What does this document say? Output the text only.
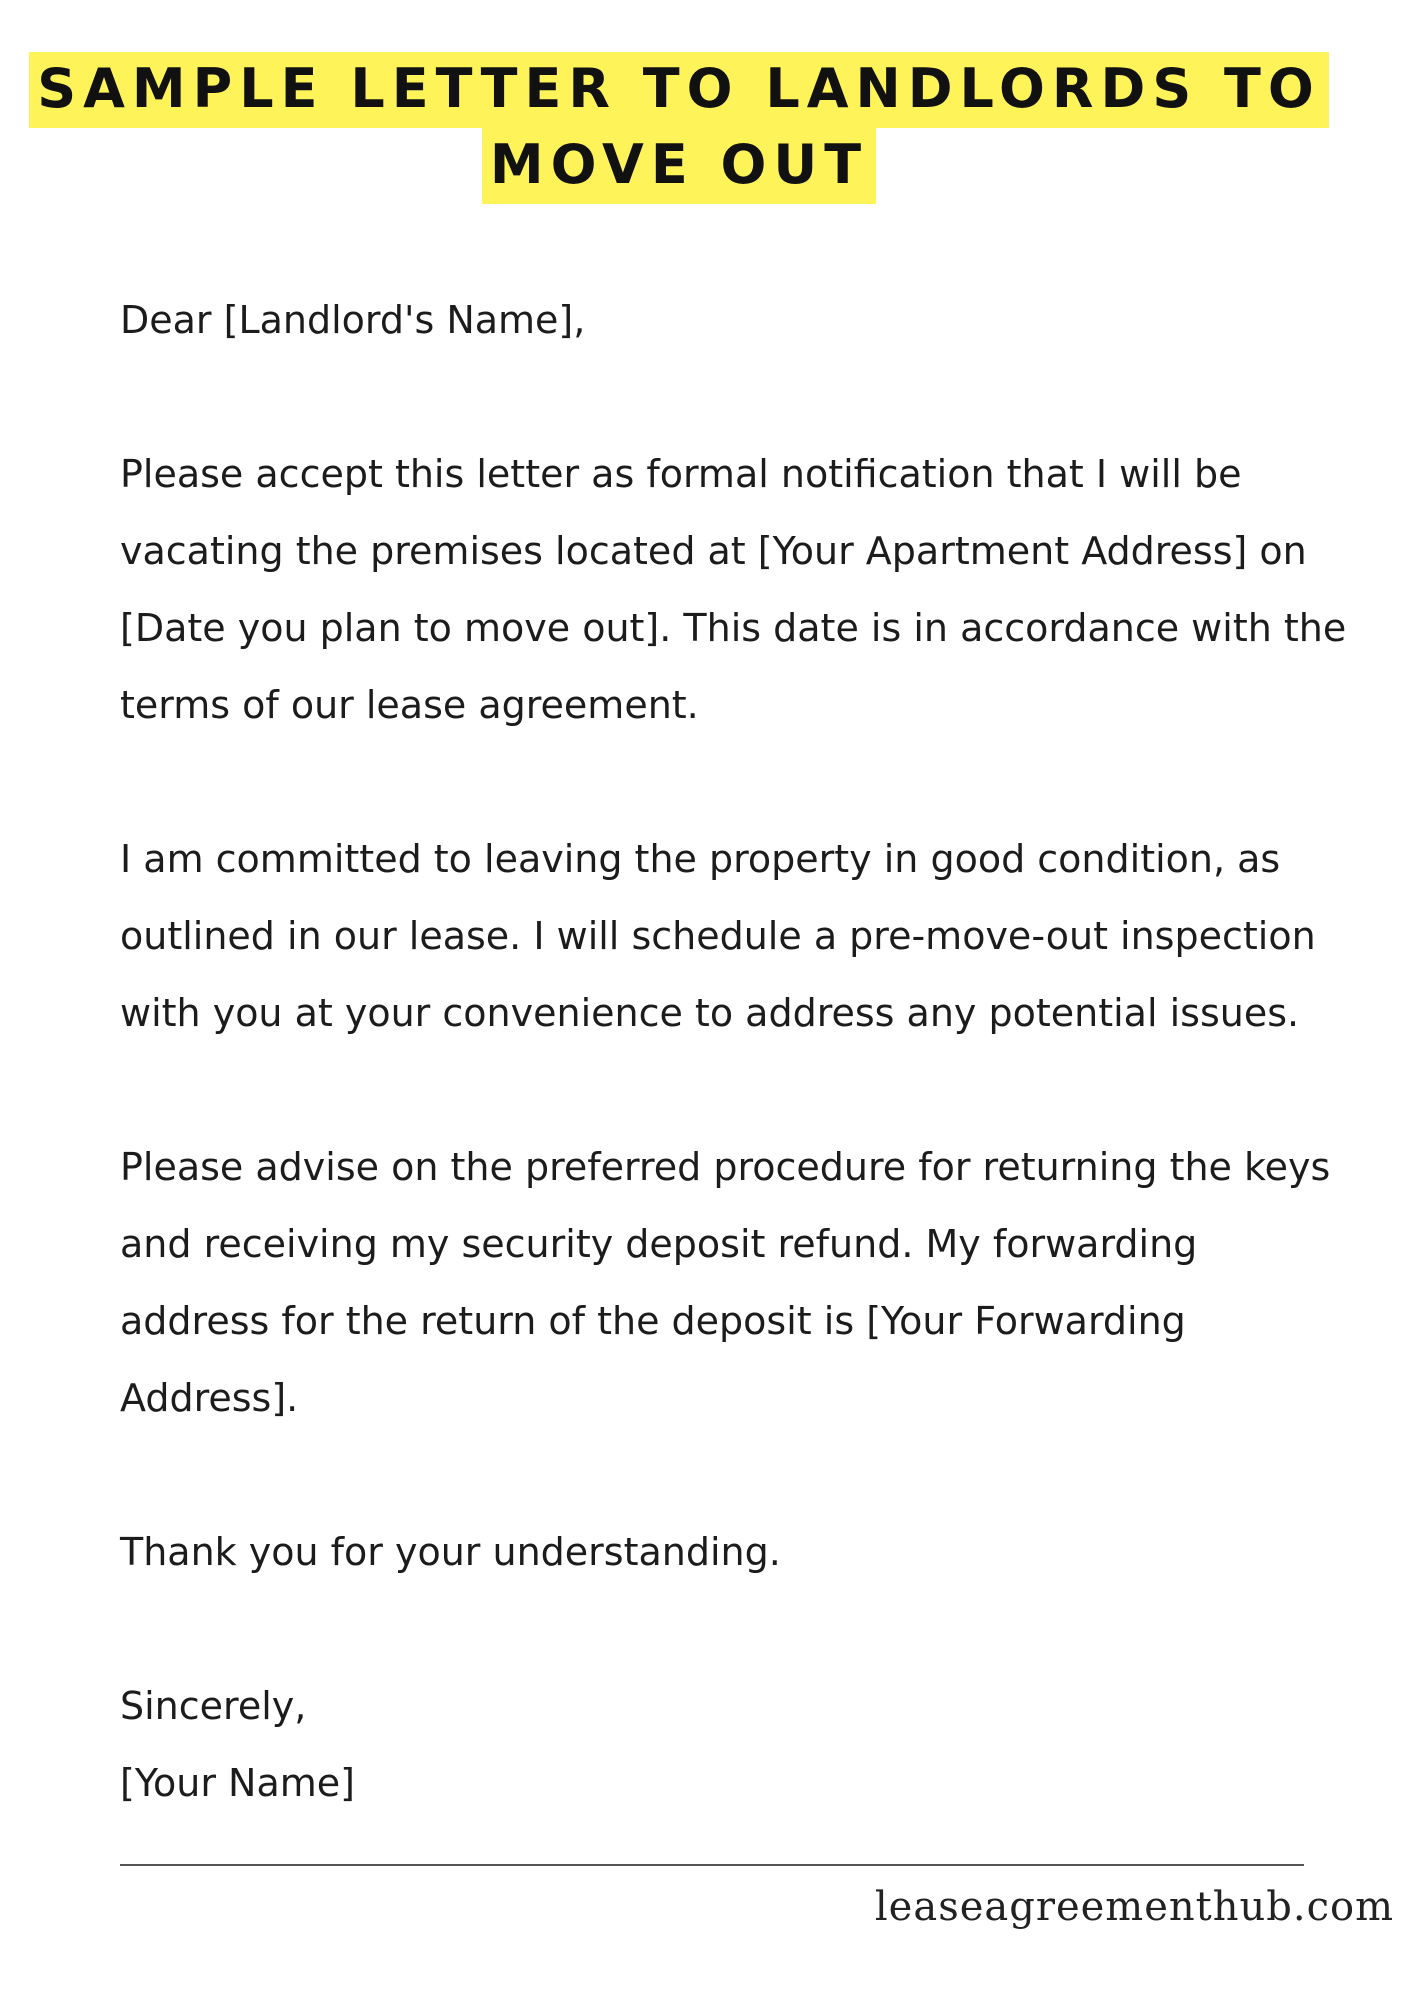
SAMPLE LETTER TO LANDLORDS TO
MOVE OUT

Dear [Landlord's Name],

Please accept this letter as formal notification that I will be vacating the premises located at [Your Apartment Address] on [Date you plan to move out]. This date is in accordance with the terms of our lease agreement.

I am committed to leaving the property in good condition, as outlined in our lease. I will schedule a pre-move-out inspection with you at your convenience to address any potential issues.

Please advise on the preferred procedure for returning the keys and receiving my security deposit refund. My forwarding address for the return of the deposit is [Your Forwarding Address].

Thank you for your understanding.

Sincerely,

[Your Name]

leaseagreementhub.com
